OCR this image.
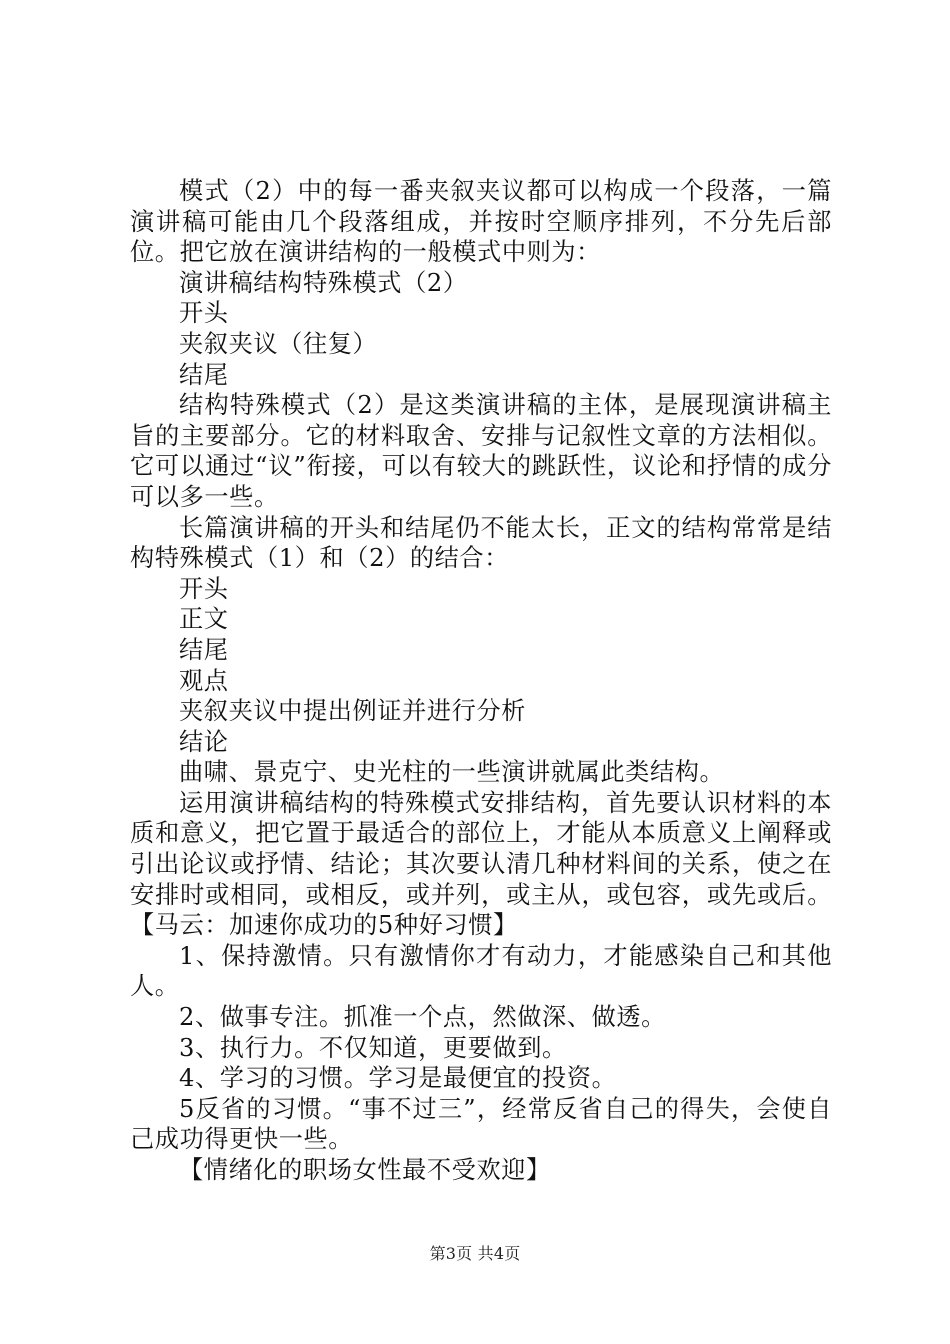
模式（2）中的每一番夹叙夹议都可以构成一个段落，一篇演讲稿可能由几个段落组成，并按时空顺序排列，不分先后部位。把它放在演讲结构的一般模式中则为：

演讲稿结构特殊模式（2）

开头

夹叙夹议（往复）

结尾

结构特殊模式（2）是这类演讲稿的主体，是展现演讲稿主旨的主要部分。它的材料取舍、安排与记叙性文章的方法相似。它可以通过“议”衔接，可以有较大的跳跃性，议论和抒情的成分可以多一些。

长篇演讲稿的开头和结尾仍不能太长，正文的结构常常是结构特殊模式（1）和（2）的结合：

开头

正文

结尾

观点

夹叙夹议中提出例证并进行分析

结论

曲啸、景克宁、史光柱的一些演讲就属此类结构。

运用演讲稿结构的特殊模式安排结构，首先要认识材料的本质和意义，把它置于最适合的部位上，才能从本质意义上阐释或引出论议或抒情、结论；其次要认清几种材料间的关系，使之在安排时或相同，或相反，或并列，或主从，或包容，或先或后。【马云：加速你成功的5种好习惯】

1、保持激情。只有激情你才有动力，才能感染自己和其他人。

2、做事专注。抓准一个点，然做深、做透。

3、执行力。不仅知道，更要做到。

4、学习的习惯。学习是最便宜的投资。

5反省的习惯。“事不过三”，经常反省自己的得失，会使自己成功得更快一些。

【情绪化的职场女性最不受欢迎】

第3页 共4页
